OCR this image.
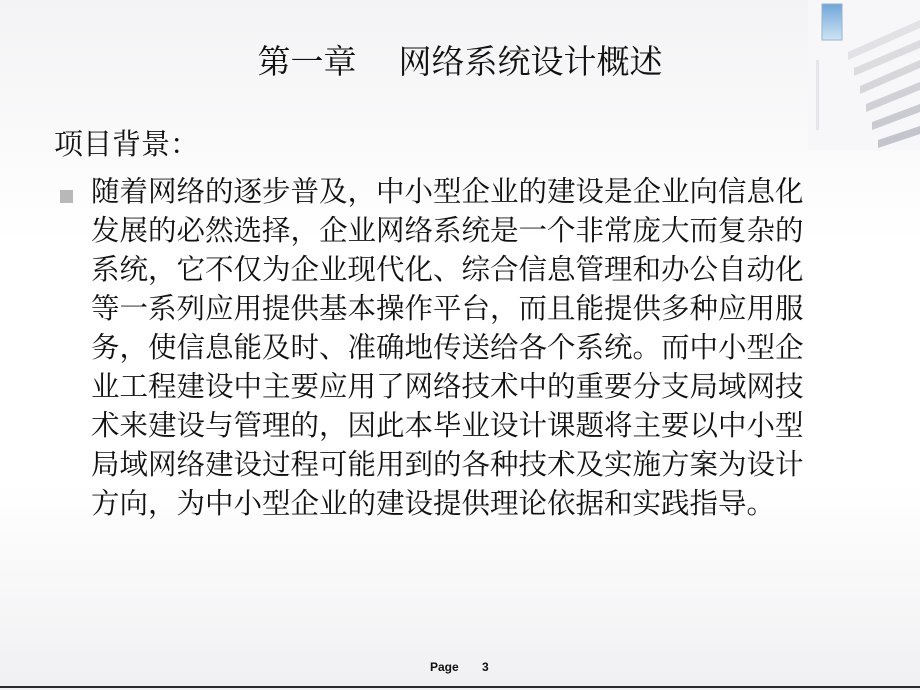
第一章    网络系统设计概述
项目背景：
随着网络的逐步普及，中小型企业的建设是企业向信息化
发展的必然选择，企业网络系统是一个非常庞大而复杂的
系统，它不仅为企业现代化、综合信息管理和办公自动化
等一系列应用提供基本操作平台，而且能提供多种应用服
务，使信息能及时、准确地传送给各个系统。而中小型企
业工程建设中主要应用了网络技术中的重要分支局域网技
术来建设与管理的，因此本毕业设计课题将主要以中小型
局域网络建设过程可能用到的各种技术及实施方案为设计
方向，为中小型企业的建设提供理论依据和实践指导。
Page 3
